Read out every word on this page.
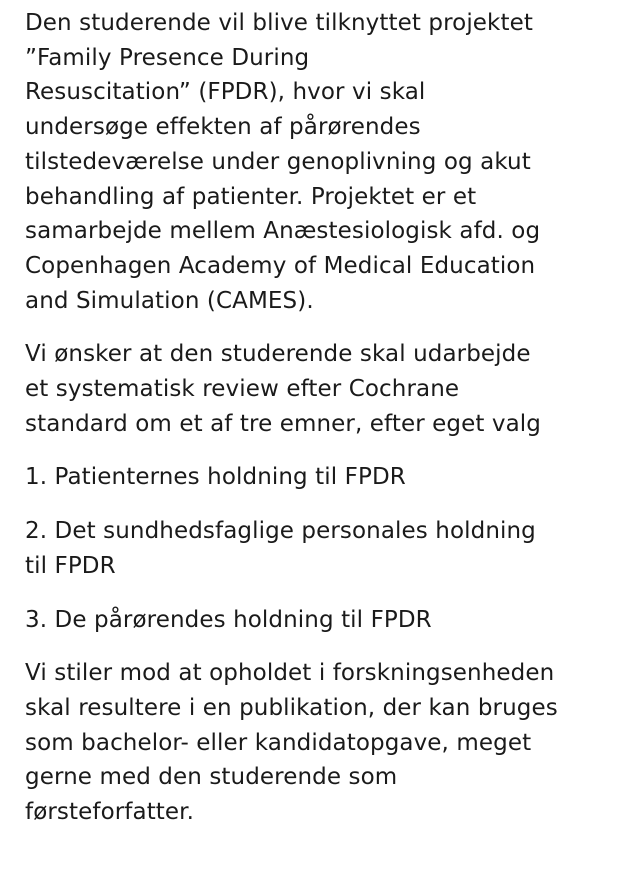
Den studerende vil blive tilknyttet projektet
”Family Presence During
Resuscitation” (FPDR), hvor vi skal
undersøge effekten af pårørendes
tilstedeværelse under genoplivning og akut
behandling af patienter. Projektet er et
samarbejde mellem Anæstesiologisk afd. og
Copenhagen Academy of Medical Education
and Simulation (CAMES).

Vi ønsker at den studerende skal udarbejde
et systematisk review efter Cochrane
standard om et af tre emner, efter eget valg

1. Patienternes holdning til FPDR

2. Det sundhedsfaglige personales holdning
til FPDR

3. De pårørendes holdning til FPDR

Vi stiler mod at opholdet i forskningsenheden
skal resultere i en publikation, der kan bruges
som bachelor- eller kandidatopgave, meget
gerne med den studerende som
førsteforfatter.
